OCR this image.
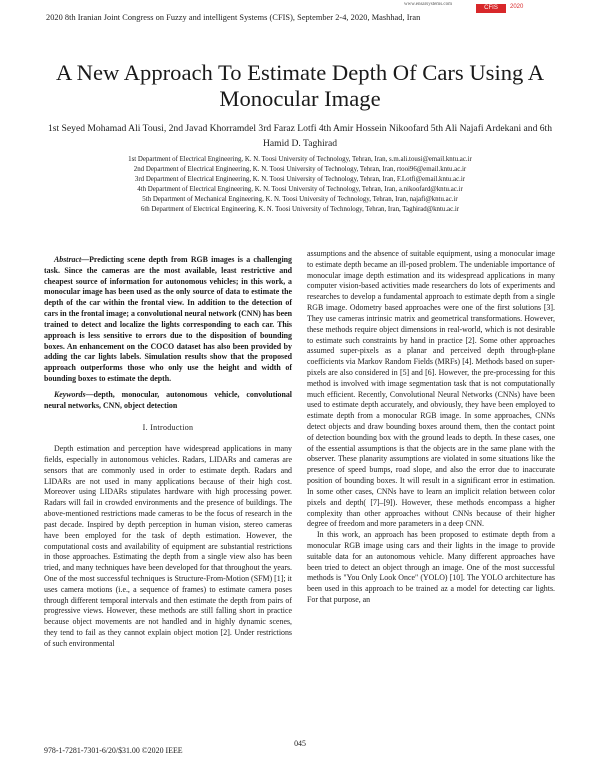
2020 8th Iranian Joint Congress on Fuzzy and intelligent Systems (CFIS), September 2-4, 2020, Mashhad, Iran
www.ensarsystems.com
CFIS	2020
A New Approach To Estimate Depth Of Cars Using A Monocular Image
1st Seyed Mohamad Ali Tousi, 2nd Javad Khorramdel 3rd Faraz Lotfi 4th Amir Hossein Nikoofard 5th Ali Najafi Ardekani and 6th Hamid D. Taghirad
1st Department of Electrical Engineering, K. N. Toosi University of Technology, Tehran, Iran, s.m.ali.tousi@email.kntu.ac.ir
2nd Department of Electrical Engineering, K. N. Toosi University of Technology, Tehran, Iran, rtooi96@email.kntu.ac.ir
3rd Department of Electrical Engineering, K. N. Toosi University of Technology, Tehran, Iran, F.Lotfi@email.kntu.ac.ir
4th Department of Electrical Engineering, K. N. Toosi University of Technology, Tehran, Iran, a.nikoofard@kntu.ac.ir
5th Department of Mechanical Engineering, K. N. Toosi University of Technology, Tehran, Iran, najafi@kntu.ac.ir
6th Department of Electrical Engineering, K. N. Toosi University of Technology, Tehran, Iran, Taghirad@kntu.ac.ir

Abstract—Predicting scene depth from RGB images is a challenging task. Since the cameras are the most available, least restrictive and cheapest source of information for autonomous vehicles; in this work, a monocular image has been used as the only source of data to estimate the depth of the car within the frontal view. In addition to the detection of cars in the frontal image; a convolutional neural network (CNN) has been trained to detect and localize the lights corresponding to each car. This approach is less sensitive to errors due to the disposition of bounding boxes. An enhancement on the COCO dataset has also been provided by adding the car lights labels. Simulation results show that the proposed approach outperforms those who only use the height and width of bounding boxes to estimate the depth.

Keywords—depth, monocular, autonomous vehicle, convolutional neural networks, CNN, object detection

I. Introduction

Depth estimation and perception have widespread applications in many fields, especially in autonomous vehicles. Radars, LIDARs and cameras are sensors that are commonly used in order to estimate depth. Radars and LIDARs are not used in many applications because of their high cost. Moreover using LIDARs stipulates hardware with high processing power. Radars will fail in crowded environments and the presence of buildings. The above-mentioned restrictions made cameras to be the focus of research in the past decade. Inspired by depth perception in human vision, stereo cameras have been employed for the task of depth estimation. However, the computational costs and availability of equipment are substantial restrictions in those approaches. Estimating the depth from a single view also has been tried, and many techniques have been developed for that throughout the years. One of the most successful techniques is Structure-From-Motion (SFM) [1]; it uses camera motions (i.e., a sequence of frames) to estimate camera poses through different temporal intervals and then estimate the depth from pairs of progressive views. However, these methods are still falling short in practice because object movements are not handled and in highly dynamic scenes, they tend to fail as they cannot explain object motion [2]. Under restrictions of such environmental

assumptions and the absence of suitable equipment, using a monocular image to estimate depth became an ill-posed problem. The undeniable importance of monocular image depth estimation and its widespread applications in many computer vision-based activities made researchers do lots of experiments and researches to develop a fundamental approach to estimate depth from a single RGB image. Odometry based approaches were one of the first solutions [3]. They use cameras intrinsic matrix and geometrical transformations. However, these methods require object dimensions in real-world, which is not desirable to estimate such constraints by hand in practice [2]. Some other approaches assumed super-pixels as a planar and perceived depth through-plane coefficients via Markov Random Fields (MRFs) [4]. Methods based on super-pixels are also considered in [5] and [6]. However, the pre-processing for this method is involved with image segmentation task that is not computationally much efficient. Recently, Convolutional Neural Networks (CNNs) have been used to estimate depth accurately, and obviously, they have been employed to estimate depth from a monocular RGB image. In some approaches, CNNs detect objects and draw bounding boxes around them, then the contact point of detection bounding box with the ground leads to depth. In these cases, one of the essential assumptions is that the objects are in the same plane with the observer. These planarity assumptions are violated in some situations like the presence of speed bumps, road slope, and also the error due to inaccurate position of bounding boxes. It will result in a significant error in estimation. In some other cases, CNNs have to learn an implicit relation between color pixels and depth( [7]–[9]). However, these methods encompass a higher complexity than other approaches without CNNs because of their higher degree of freedom and more parameters in a deep CNN.

In this work, an approach has been proposed to estimate depth from a monocular RGB image using cars and their lights in the image to provide suitable data for an autonomous vehicle. Many different approaches have been tried to detect an object through an image. One of the most successful methods is "You Only Look Once" (YOLO) [10]. The YOLO architecture has been used in this approach to be trained az a model for detecting car lights. For that purpose, an

045
978-1-7281-7301-6/20/$31.00 ©2020 IEEE
